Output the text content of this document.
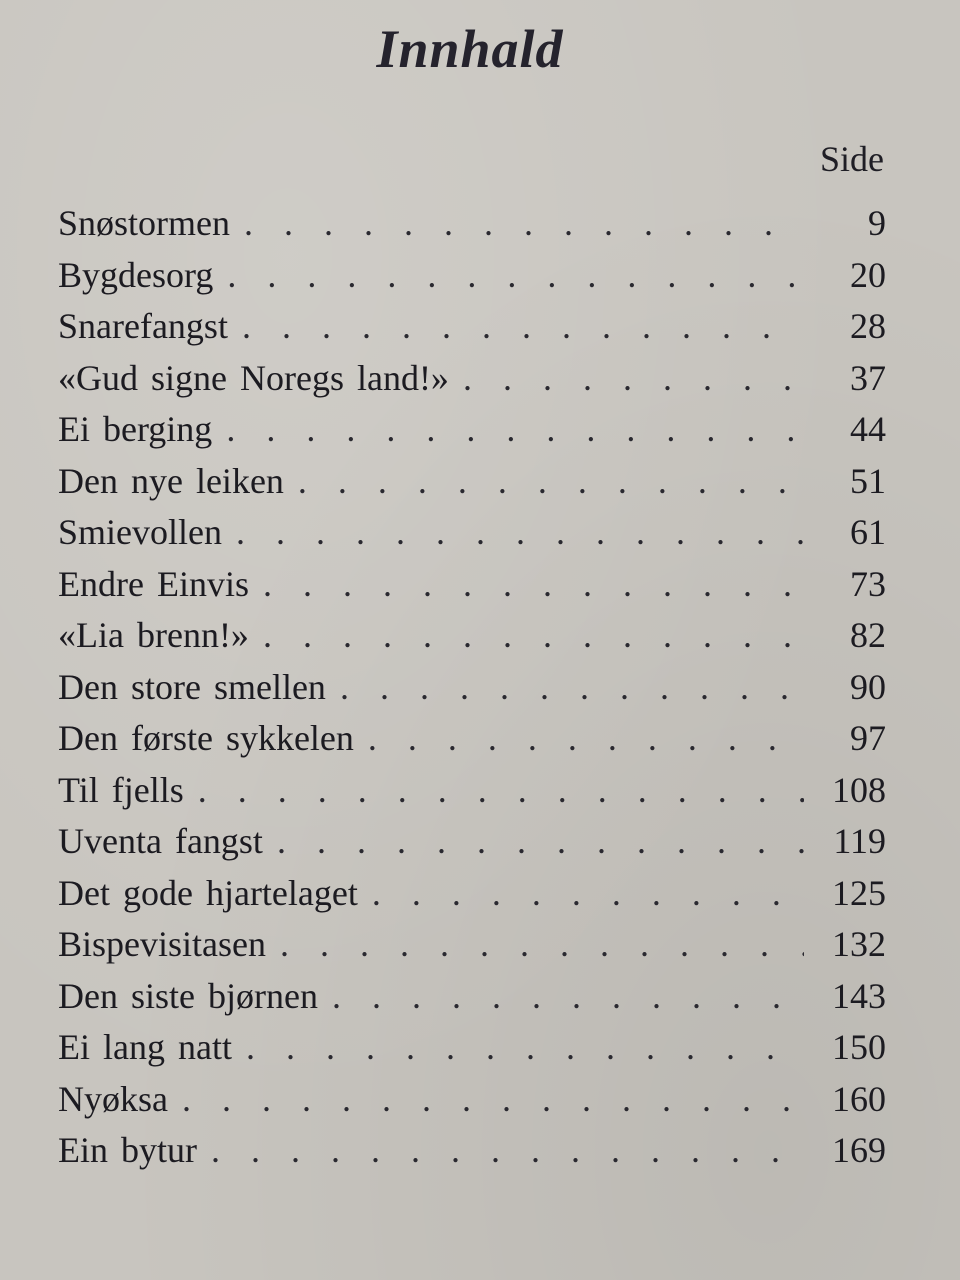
Innhald
Side
Snøstormen . . .	9
Bygdesorg . . .	20
Snarefangst . . .	28
«Gud signe Noregs land!» . . .	37
Ei berging . . .	44
Den nye leiken . . .	51
Smievollen . . .	61
Endre Einvis . . .	73
«Lia brenn!» . . .	82
Den store smellen . . .	90
Den første sykkelen . . .	97
Til fjells . . .	108
Uventa fangst . . .	119
Det gode hjartelaget . . .	125
Bispevisitasen . . .	132
Den siste bjørnen . . .	143
Ei lang natt . . .	150
Nyøksa . . .	160
Ein bytur . . .	169
